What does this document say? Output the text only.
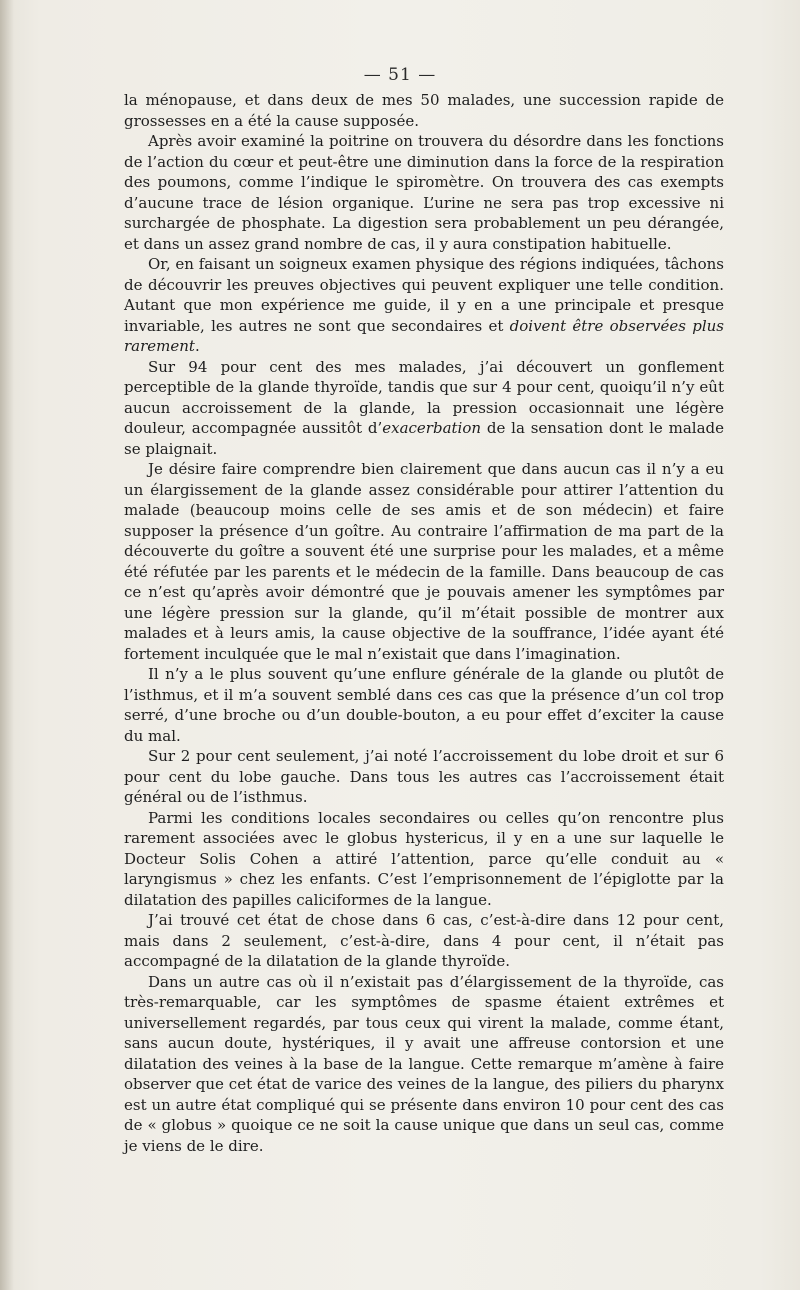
— 51 —

la ménopause, et dans deux de mes 50 malades, une succession rapide de grossesses en a été la cause supposée.

Après avoir examiné la poitrine on trouvera du désordre dans les fonctions de l’action du cœur et peut-être une diminution dans la force de la respiration des poumons, comme l’indique le spiromètre. On trouvera des cas exempts d’aucune trace de lésion organique. L’urine ne sera pas trop excessive ni surchargée de phosphate. La digestion sera probablement un peu dérangée, et dans un assez grand nombre de cas, il y aura constipation habituelle.

Or, en faisant un soigneux examen physique des régions indiquées, tâchons de découvrir les preuves objectives qui peuvent expliquer une telle condition. Autant que mon expérience me guide, il y en a une principale et presque invariable, les autres ne sont que secondaires et doivent être observées plus rarement.

Sur 94 pour cent des mes malades, j’ai découvert un gonflement perceptible de la glande thyroïde, tandis que sur 4 pour cent, quoiqu’il n’y eût aucun accroissement de la glande, la pression occasionnait une légère douleur, accompagnée aussitôt d’exacerbation de la sensation dont le malade se plaignait.

Je désire faire comprendre bien clairement que dans aucun cas il n’y a eu un élargissement de la glande assez considérable pour attirer l’attention du malade (beaucoup moins celle de ses amis et de son médecin) et faire supposer la présence d’un goître. Au contraire l’affirmation de ma part de la découverte du goître a souvent été une surprise pour les malades, et a même été réfutée par les parents et le médecin de la famille. Dans beaucoup de cas ce n’est qu’après avoir démontré que je pouvais amener les symptômes par une légère pression sur la glande, qu’il m’était possible de montrer aux malades et à leurs amis, la cause objective de la souffrance, l’idée ayant été fortement inculquée que le mal n’existait que dans l’imagination.

Il n’y a le plus souvent qu’une enflure générale de la glande ou plutôt de l’isthmus, et il m’a souvent semblé dans ces cas que la présence d’un col trop serré, d’une broche ou d’un double-bouton, a eu pour effet d’exciter la cause du mal.

Sur 2 pour cent seulement, j’ai noté l’accroissement du lobe droit et sur 6 pour cent du lobe gauche. Dans tous les autres cas l’accroissement était général ou de l’isthmus.

Parmi les conditions locales secondaires ou celles qu’on rencontre plus rarement associées avec le globus hystericus, il y en a une sur laquelle le Docteur Solis Cohen a attiré l’attention, parce qu’elle conduit au « laryngismus » chez les enfants. C’est l’emprisonnement de l’épiglotte par la dilatation des papilles caliciformes de la langue.

J’ai trouvé cet état de chose dans 6 cas, c’est-à-dire dans 12 pour cent, mais dans 2 seulement, c’est-à-dire, dans 4 pour cent, il n’était pas accompagné de la dilatation de la glande thyroïde.

Dans un autre cas où il n’existait pas d’élargissement de la thyroïde, cas très-remarquable, car les symptômes de spasme étaient extrêmes et universellement regardés, par tous ceux qui virent la malade, comme étant, sans aucun doute, hystériques, il y avait une affreuse contorsion et une dilatation des veines à la base de la langue. Cette remarque m’amène à faire observer que cet état de varice des veines de la langue, des piliers du pharynx est un autre état compliqué qui se présente dans environ 10 pour cent des cas de « globus » quoique ce ne soit la cause unique que dans un seul cas, comme je viens de le dire.
